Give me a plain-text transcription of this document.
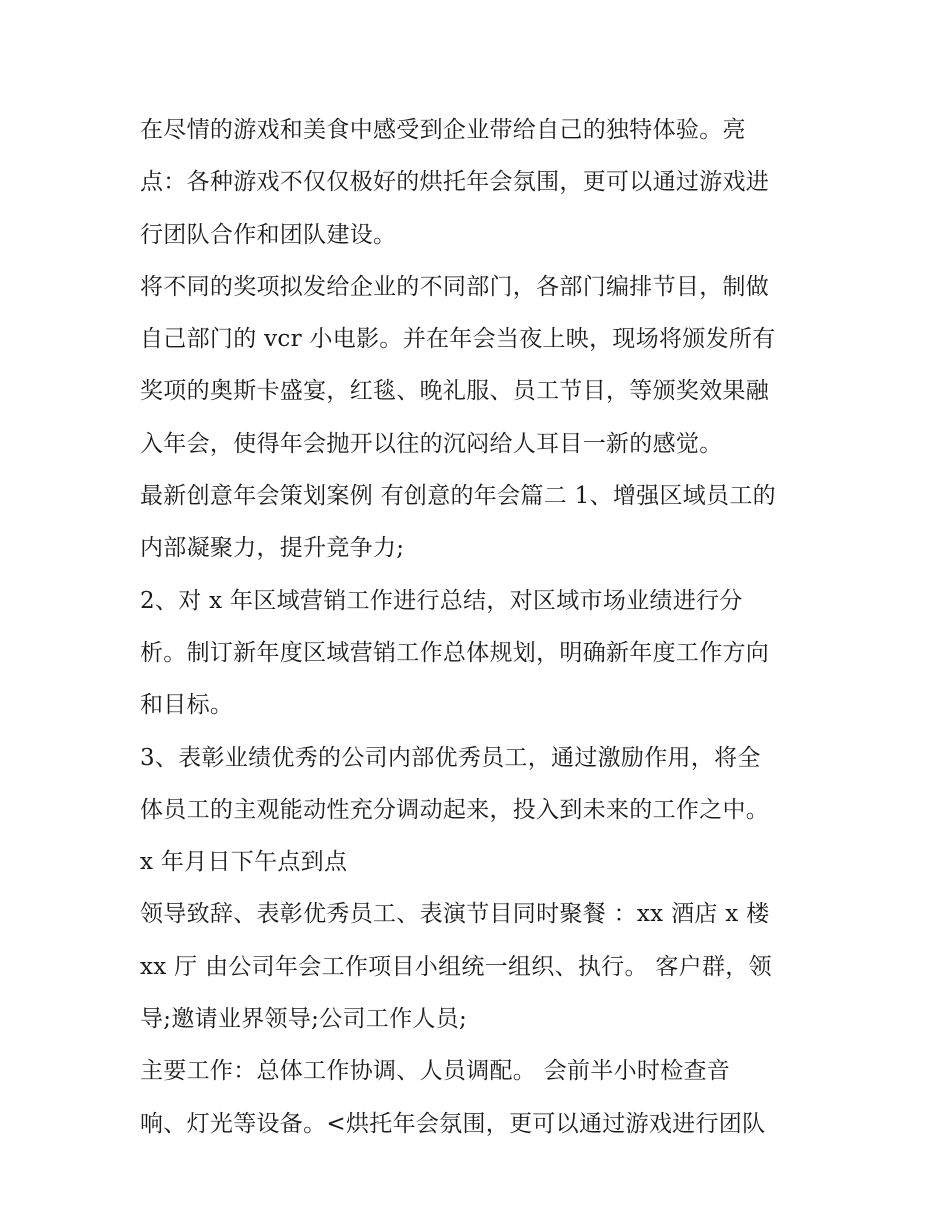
在尽情的游戏和美食中感受到企业带给自己的独特体验。亮
点：各种游戏不仅仅极好的烘托年会氛围，更可以通过游戏进
行团队合作和团队建设。
将不同的奖项拟发给企业的不同部门，各部门编排节目，制做
自己部门的 vcr 小电影。并在年会当夜上映，现场将颁发所有
奖项的奥斯卡盛宴，红毯、晚礼服、员工节目，等颁奖效果融
入年会，使得年会抛开以往的沉闷给人耳目一新的感觉。
最新创意年会策划案例 有创意的年会篇二 1、增强区域员工的
内部凝聚力，提升竞争力;
2、对 x 年区域营销工作进行总结，对区域市场业绩进行分
析。制订新年度区域营销工作总体规划，明确新年度工作方向
和目标。
3、表彰业绩优秀的公司内部优秀员工，通过激励作用，将全
体员工的主观能动性充分调动起来，投入到未来的工作之中。
x 年月日下午点到点
领导致辞、表彰优秀员工、表演节目同时聚餐 ：xx 酒店 x 楼
xx 厅 由公司年会工作项目小组统一组织、执行。 客户群，领
导;邀请业界领导;公司工作人员;
主要工作：总体工作协调、人员调配。 会前半小时检查音
响、灯光等设备。<烘托年会氛围，更可以通过游戏进行团队
